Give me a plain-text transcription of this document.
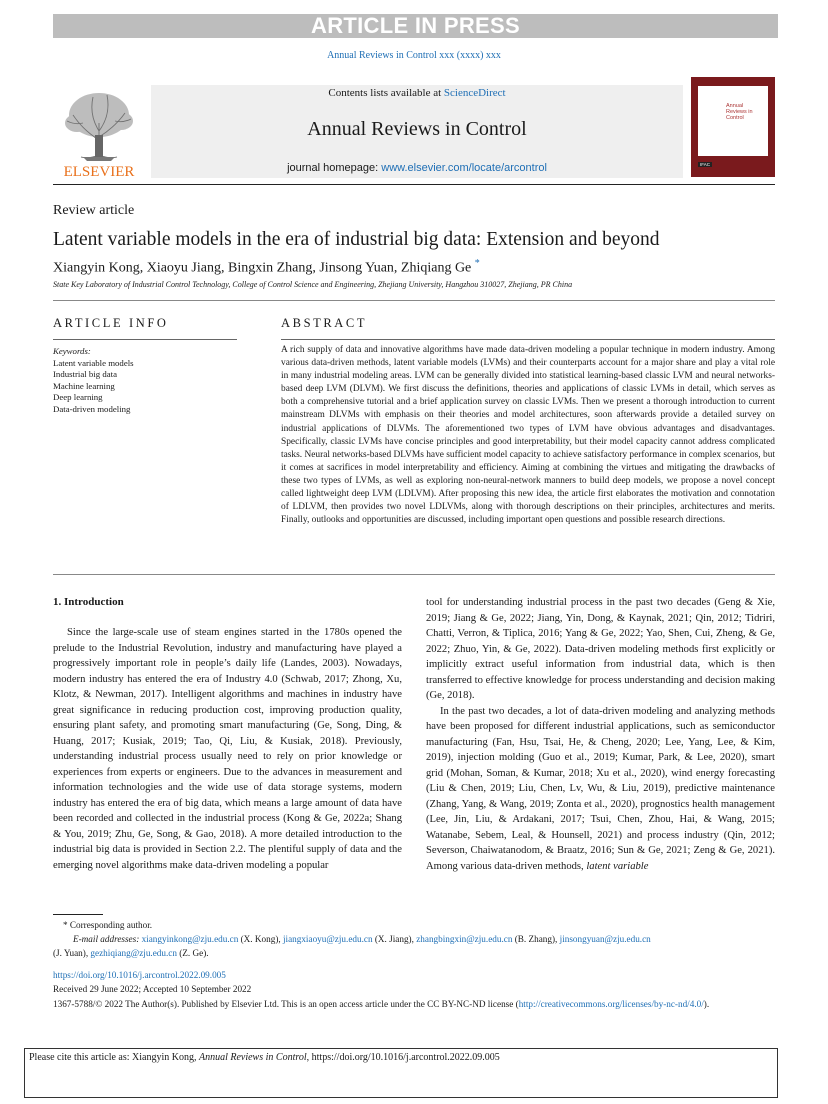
ARTICLE IN PRESS
Annual Reviews in Control xxx (xxxx) xxx
ELSEVIER
Contents lists available at ScienceDirect
Annual Reviews in Control
journal homepage: www.elsevier.com/locate/arcontrol
Annual Reviews in Control
IFAC
Review article
Latent variable models in the era of industrial big data: Extension and beyond
Xiangyin Kong, Xiaoyu Jiang, Bingxin Zhang, Jinsong Yuan, Zhiqiang Ge *
State Key Laboratory of Industrial Control Technology, College of Control Science and Engineering, Zhejiang University, Hangzhou 310027, Zhejiang, PR China
ARTICLE INFO
Keywords:
Latent variable models
Industrial big data
Machine learning
Deep learning
Data-driven modeling
ABSTRACT

A rich supply of data and innovative algorithms have made data-driven modeling a popular technique in modern industry. Among various data-driven methods, latent variable models (LVMs) and their counterparts account for a major share and play a vital role in many industrial modeling areas. LVM can be generally divided into statistical learning-based classic LVM and neural networks-based deep LVM (DLVM). We first discuss the definitions, theories and applications of classic LVMs in detail, which serves as both a comprehensive tutorial and a brief application survey on classic LVMs. Then we present a thorough introduction to current mainstream DLVMs with emphasis on their theories and model architectures, soon afterwards provide a detailed survey on industrial applications of DLVMs. The aforementioned two types of LVM have obvious advantages and disadvantages. Specifically, classic LVMs have concise principles and good interpretability, but their model capacity cannot address complicated tasks. Neural networks-based DLVMs have sufficient model capacity to achieve satisfactory performance in complex scenarios, but it comes at sacrifices in model interpretability and efficiency. Aiming at combining the virtues and mitigating the drawbacks of these two types of LVMs, as well as exploring non-neural-network manners to build deep models, we propose a novel concept called lightweight deep LVM (LDLVM). After proposing this new idea, the article first elaborates the motivation and connotation of LDLVM, then provides two novel LDLVMs, along with thorough descriptions on their principles, architectures and merits. Finally, outlooks and opportunities are discussed, including important open questions and possible research directions.

1. Introduction

Since the large-scale use of steam engines started in the 1780s opened the prelude to the Industrial Revolution, industry and manufacturing have played a progressively important role in people’s daily life (Landes, 2003). Nowadays, modern industry has entered the era of Industry 4.0 (Schwab, 2017; Zhong, Xu, Klotz, & Newman, 2017). Intelligent algorithms and machines in industry have great significance in reducing production cost, improving production quality, ensuring plant safety, and promoting smart manufacturing (Ge, Song, Ding, & Huang, 2017; Kusiak, 2019; Tao, Qi, Liu, & Kusiak, 2018). Previously, understanding industrial process usually need to rely on prior knowledge or experiences from experts or engineers. Due to the advances in measurement and information technologies and the wide use of data storage systems, modern industry has entered the era of big data, which means a large amount of data have been recorded and collected in the industrial process (Kong & Ge, 2022a; Shang & You, 2019; Zhu, Ge, Song, & Gao, 2018). A more detailed introduction to the industrial big data is provided in Section 2.2. The plentiful supply of data and the emerging novel algorithms make data-driven modeling a popular

tool for understanding industrial process in the past two decades (Geng & Xie, 2019; Jiang & Ge, 2022; Jiang, Yin, Dong, & Kaynak, 2021; Qin, 2012; Tidriri, Chatti, Verron, & Tiplica, 2016; Yang & Ge, 2022; Yao, Shen, Cui, Zheng, & Ge, 2022; Zhuo, Yin, & Ge, 2022). Data-driven modeling methods first explicitly or implicitly extract useful information from industrial data, which is then transferred to effective knowledge for process understanding and decision making (Ge, 2018).

In the past two decades, a lot of data-driven modeling and analyzing methods have been proposed for different industrial applications, such as semiconductor manufacturing (Fan, Hsu, Tsai, He, & Cheng, 2020; Lee, Yang, Lee, & Kim, 2019), injection molding (Guo et al., 2019; Kumar, Park, & Lee, 2020), smart grid (Mohan, Soman, & Kumar, 2018; Xu et al., 2020), wind energy forecasting (Liu & Chen, 2019; Liu, Chen, Lv, Wu, & Liu, 2019), predictive maintenance (Zhang, Yang, & Wang, 2019; Zonta et al., 2020), prognostics health management (Lee, Jin, Liu, & Ardakani, 2017; Tsui, Chen, Zhou, Hai, & Wang, 2015; Watanabe, Sebem, Leal, & Hounsell, 2021) and process industry (Qin, 2012; Severson, Chaiwatanodom, & Braatz, 2016; Sun & Ge, 2021; Zeng & Ge, 2021). Among various data-driven methods, latent variable

* Corresponding author.
E-mail addresses: xiangyinkong@zju.edu.cn (X. Kong), jiangxiaoyu@zju.edu.cn (X. Jiang), zhangbingxin@zju.edu.cn (B. Zhang), jinsongyuan@zju.edu.cn
(J. Yuan), gezhiqiang@zju.edu.cn (Z. Ge).
https://doi.org/10.1016/j.arcontrol.2022.09.005
Received 29 June 2022; Accepted 10 September 2022
1367-5788/© 2022 The Author(s). Published by Elsevier Ltd. This is an open access article under the CC BY-NC-ND license (http://creativecommons.org/licenses/by-nc-nd/4.0/).
Please cite this article as: Xiangyin Kong, Annual Reviews in Control, https://doi.org/10.1016/j.arcontrol.2022.09.005
